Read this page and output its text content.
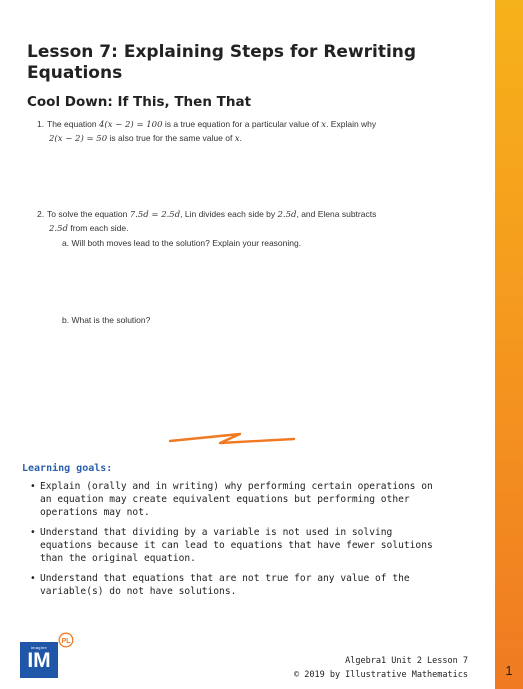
1
Lesson 7: Explaining Steps for Rewriting Equations
Cool Down: If This, Then That
1. The equation 4(x − 2) = 100 is a true equation for a particular value of x. Explain why
2(x − 2) = 50 is also true for the same value of x.
2. To solve the equation 7.5d = 2.5d, Lin divides each side by 2.5d, and Elena subtracts
2.5d from each side.
a. Will both moves lead to the solution? Explain your reasoning.
b. What is the solution?
Learning goals:
• Explain (orally and in writing) why performing certain operations on an equation may create equivalent equations but performing other operations may not.
• Understand that dividing by a variable is not used in solving equations because it can lead to equations that have fewer solutions than the original equation.
• Understand that equations that are not true for any value of the variable(s) do not have solutions.
PL
imagine
IM	Algebra1 Unit 2 Lesson 7
© 2019 by Illustrative Mathematics
